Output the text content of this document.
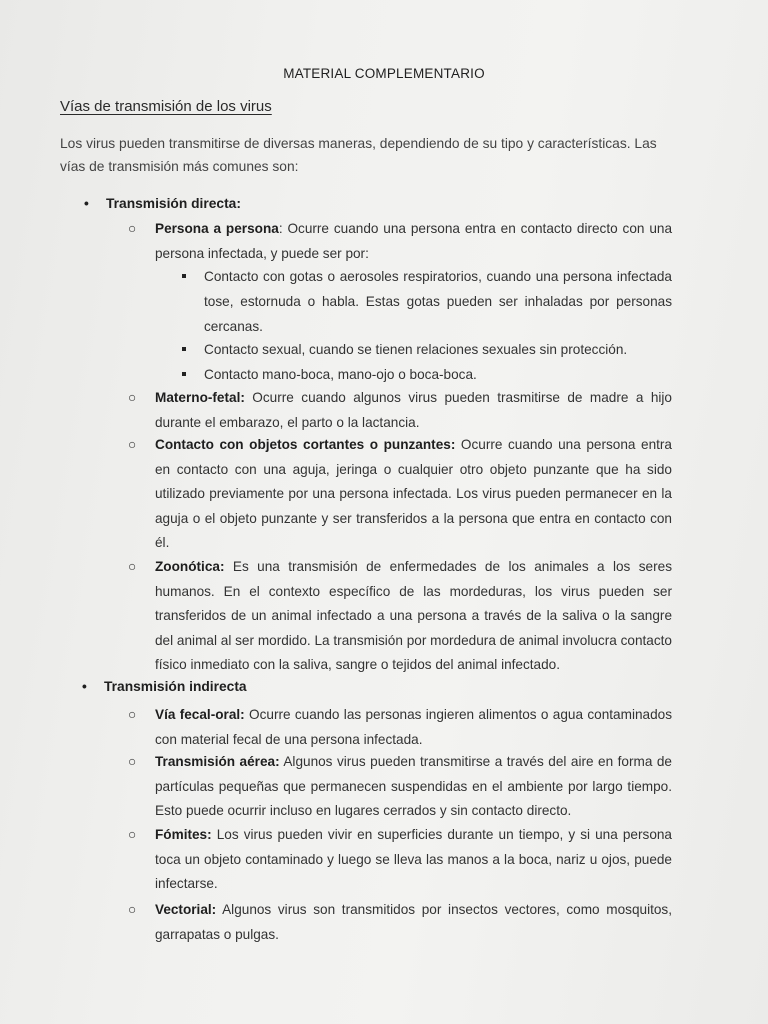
MATERIAL COMPLEMENTARIO
Vías de transmisión de los virus
Los virus pueden transmitirse de diversas maneras, dependiendo de su tipo y características. Las vías de transmisión más comunes son:
• Transmisión directa:
○ Persona a persona: Ocurre cuando una persona entra en contacto directo con una persona infectada, y puede ser por:
Contacto con gotas o aerosoles respiratorios, cuando una persona infectada tose, estornuda o habla. Estas gotas pueden ser inhaladas por personas cercanas.
Contacto sexual, cuando se tienen relaciones sexuales sin protección.
Contacto mano-boca, mano-ojo o boca-boca.
○ Materno-fetal: Ocurre cuando algunos virus pueden trasmitirse de madre a hijo durante el embarazo, el parto o la lactancia.
○ Contacto con objetos cortantes o punzantes: Ocurre cuando una persona entra en contacto con una aguja, jeringa o cualquier otro objeto punzante que ha sido utilizado previamente por una persona infectada. Los virus pueden permanecer en la aguja o el objeto punzante y ser transferidos a la persona que entra en contacto con él.
○ Zoonótica: Es una transmisión de enfermedades de los animales a los seres humanos. En el contexto específico de las mordeduras, los virus pueden ser transferidos de un animal infectado a una persona a través de la saliva o la sangre del animal al ser mordido. La transmisión por mordedura de animal involucra contacto físico inmediato con la saliva, sangre o tejidos del animal infectado.
• Transmisión indirecta
○ Vía fecal-oral: Ocurre cuando las personas ingieren alimentos o agua contaminados con material fecal de una persona infectada.
○ Transmisión aérea: Algunos virus pueden transmitirse a través del aire en forma de partículas pequeñas que permanecen suspendidas en el ambiente por largo tiempo. Esto puede ocurrir incluso en lugares cerrados y sin contacto directo.
○ Fómites: Los virus pueden vivir en superficies durante un tiempo, y si una persona toca un objeto contaminado y luego se lleva las manos a la boca, nariz u ojos, puede infectarse.
○ Vectorial: Algunos virus son transmitidos por insectos vectores, como mosquitos, garrapatas o pulgas.
